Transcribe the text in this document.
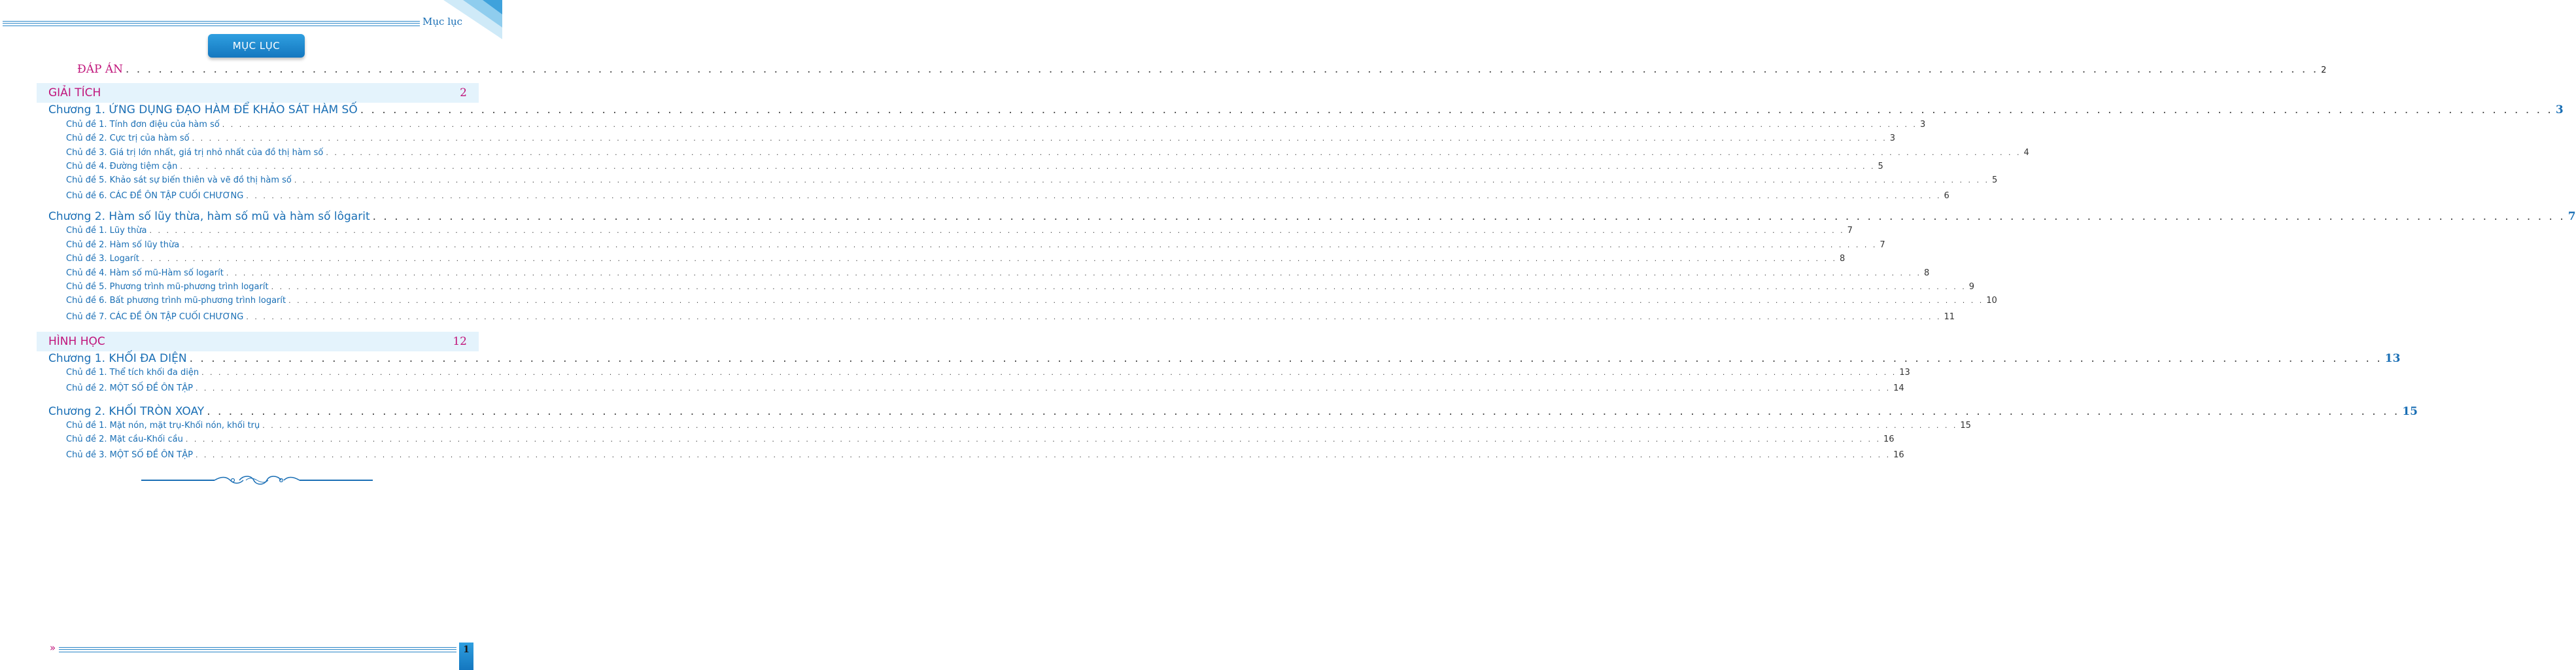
Mục lục
MỤC LỤC
ĐÁP ÁN . . . . . . . . . . . . . . . . . . . . . . . . . . . . . . . . . . . . . . . . . . . . . . . . . . . . . . . . . . . . . . . . . . . . . . . . . . . . . . . . . . . . . . . . . . . . . . . . . . . . . . . . . . . . . . . . . . . . . . . . . . . . . . . . . . . . . . . . . . . . . . . . . . . . . . . . . . . . . . . . . . . . . . . . . . . . . . . . . . . . . . . . . . . . . . . . . . . . . . . . 2
GIẢI TÍCH	2
Chương 1. ỨNG DỤNG ĐẠO HÀM ĐỂ KHẢO SÁT HÀM SỐ . . . . . . . . . . . . . . . . . . . . . . . . . . . . . . . . . . . . . . . . . . . . . . . . . . . . . . . . . . . . . . . . . . . . . . . . . . . . . . . . . . . . . . . . . . . . . . . . . . . . . . . . . . . . . . . . . . . . . . . . . . . . . . . . . . . . . . . . . . . . . . . . . . . . . . . . . . . . . . . . . . . . . . . . . . . . . . . . . . . . . . . . . . . . . . . . . . . . . . . . 3
Chủ đề 1. Tính đơn điệu của hàm số . . . . . . . . . . . . . . . . . . . . . . . . . . . . . . . . . . . . . . . . . . . . . . . . . . . . . . . . . . . . . . . . . . . . . . . . . . . . . . . . . . . . . . . . . . . . . . . . . . . . . . . . . . . . . . . . . . . . . . . . . . . . . . . . . . . . . . . . . . . . . . . . . . . . . . . . . . . . . . . . . . . . . . . . . . . . . . . . . . . . . . . . . . . . . . . . . . . . . . . . 3
Chủ đề 2. Cực trị của hàm số . . . . . . . . . . . . . . . . . . . . . . . . . . . . . . . . . . . . . . . . . . . . . . . . . . . . . . . . . . . . . . . . . . . . . . . . . . . . . . . . . . . . . . . . . . . . . . . . . . . . . . . . . . . . . . . . . . . . . . . . . . . . . . . . . . . . . . . . . . . . . . . . . . . . . . . . . . . . . . . . . . . . . . . . . . . . . . . . . . . . . . . . . . . . . . . . . . . . . . . . 3
Chủ đề 3. Giá trị lớn nhất, giá trị nhỏ nhất của đồ thị hàm số . . . . . . . . . . . . . . . . . . . . . . . . . . . . . . . . . . . . . . . . . . . . . . . . . . . . . . . . . . . . . . . . . . . . . . . . . . . . . . . . . . . . . . . . . . . . . . . . . . . . . . . . . . . . . . . . . . . . . . . . . . . . . . . . . . . . . . . . . . . . . . . . . . . . . . . . . . . . . . . . . . . . . . . . . . . . . . . . . . . . . . . . . . . . . . . . . . . . . . . . 4
Chủ đề 4. Đường tiệm cận . . . . . . . . . . . . . . . . . . . . . . . . . . . . . . . . . . . . . . . . . . . . . . . . . . . . . . . . . . . . . . . . . . . . . . . . . . . . . . . . . . . . . . . . . . . . . . . . . . . . . . . . . . . . . . . . . . . . . . . . . . . . . . . . . . . . . . . . . . . . . . . . . . . . . . . . . . . . . . . . . . . . . . . . . . . . . . . . . . . . . . . . . . . . . . . . . . . . . . . . 5
Chủ đề 5. Khảo sát sự biến thiên và vẽ đồ thị hàm số . . . . . . . . . . . . . . . . . . . . . . . . . . . . . . . . . . . . . . . . . . . . . . . . . . . . . . . . . . . . . . . . . . . . . . . . . . . . . . . . . . . . . . . . . . . . . . . . . . . . . . . . . . . . . . . . . . . . . . . . . . . . . . . . . . . . . . . . . . . . . . . . . . . . . . . . . . . . . . . . . . . . . . . . . . . . . . . . . . . . . . . . . . . . . . . . . . . . . . . . 5
Chủ đề 6. CÁC ĐỀ ÔN TẬP CUỐI CHƯƠNG . . . . . . . . . . . . . . . . . . . . . . . . . . . . . . . . . . . . . . . . . . . . . . . . . . . . . . . . . . . . . . . . . . . . . . . . . . . . . . . . . . . . . . . . . . . . . . . . . . . . . . . . . . . . . . . . . . . . . . . . . . . . . . . . . . . . . . . . . . . . . . . . . . . . . . . . . . . . . . . . . . . . . . . . . . . . . . . . . . . . . . . . . . . . . . . . . . . . . . . . 6
Chương 2. Hàm số lũy thừa, hàm số mũ và hàm số lôgarit . . . . . . . . . . . . . . . . . . . . . . . . . . . . . . . . . . . . . . . . . . . . . . . . . . . . . . . . . . . . . . . . . . . . . . . . . . . . . . . . . . . . . . . . . . . . . . . . . . . . . . . . . . . . . . . . . . . . . . . . . . . . . . . . . . . . . . . . . . . . . . . . . . . . . . . . . . . . . . . . . . . . . . . . . . . . . . . . . . . . . . . . . . . . . . . . . . . . . . . . 7
Chủ đề 1. Lũy thừa . . . . . . . . . . . . . . . . . . . . . . . . . . . . . . . . . . . . . . . . . . . . . . . . . . . . . . . . . . . . . . . . . . . . . . . . . . . . . . . . . . . . . . . . . . . . . . . . . . . . . . . . . . . . . . . . . . . . . . . . . . . . . . . . . . . . . . . . . . . . . . . . . . . . . . . . . . . . . . . . . . . . . . . . . . . . . . . . . . . . . . . . . . . . . . . . . . . . . . . . 7
Chủ đề 2. Hàm số lũy thừa . . . . . . . . . . . . . . . . . . . . . . . . . . . . . . . . . . . . . . . . . . . . . . . . . . . . . . . . . . . . . . . . . . . . . . . . . . . . . . . . . . . . . . . . . . . . . . . . . . . . . . . . . . . . . . . . . . . . . . . . . . . . . . . . . . . . . . . . . . . . . . . . . . . . . . . . . . . . . . . . . . . . . . . . . . . . . . . . . . . . . . . . . . . . . . . . . . . . . . . . 7
Chủ đề 3. Logarít . . . . . . . . . . . . . . . . . . . . . . . . . . . . . . . . . . . . . . . . . . . . . . . . . . . . . . . . . . . . . . . . . . . . . . . . . . . . . . . . . . . . . . . . . . . . . . . . . . . . . . . . . . . . . . . . . . . . . . . . . . . . . . . . . . . . . . . . . . . . . . . . . . . . . . . . . . . . . . . . . . . . . . . . . . . . . . . . . . . . . . . . . . . . . . . . . . . . . . . . 8
Chủ đề 4. Hàm số mũ-Hàm số logarít . . . . . . . . . . . . . . . . . . . . . . . . . . . . . . . . . . . . . . . . . . . . . . . . . . . . . . . . . . . . . . . . . . . . . . . . . . . . . . . . . . . . . . . . . . . . . . . . . . . . . . . . . . . . . . . . . . . . . . . . . . . . . . . . . . . . . . . . . . . . . . . . . . . . . . . . . . . . . . . . . . . . . . . . . . . . . . . . . . . . . . . . . . . . . . . . . . . . . . . . 8
Chủ đề 5. Phương trình mũ-phương trình logarít . . . . . . . . . . . . . . . . . . . . . . . . . . . . . . . . . . . . . . . . . . . . . . . . . . . . . . . . . . . . . . . . . . . . . . . . . . . . . . . . . . . . . . . . . . . . . . . . . . . . . . . . . . . . . . . . . . . . . . . . . . . . . . . . . . . . . . . . . . . . . . . . . . . . . . . . . . . . . . . . . . . . . . . . . . . . . . . . . . . . . . . . . . . . . . . . . . . . . . . . 9
Chủ đề 6. Bất phương trình mũ-phương trình logarít . . . . . . . . . . . . . . . . . . . . . . . . . . . . . . . . . . . . . . . . . . . . . . . . . . . . . . . . . . . . . . . . . . . . . . . . . . . . . . . . . . . . . . . . . . . . . . . . . . . . . . . . . . . . . . . . . . . . . . . . . . . . . . . . . . . . . . . . . . . . . . . . . . . . . . . . . . . . . . . . . . . . . . . . . . . . . . . . . . . . . . . . . . . . . . . . . . . . . . . . 10
Chủ đề 7. CÁC ĐỀ ÔN TẬP CUỐI CHƯƠNG . . . . . . . . . . . . . . . . . . . . . . . . . . . . . . . . . . . . . . . . . . . . . . . . . . . . . . . . . . . . . . . . . . . . . . . . . . . . . . . . . . . . . . . . . . . . . . . . . . . . . . . . . . . . . . . . . . . . . . . . . . . . . . . . . . . . . . . . . . . . . . . . . . . . . . . . . . . . . . . . . . . . . . . . . . . . . . . . . . . . . . . . . . . . . . . . . . . . . . . . 11
HÌNH HỌC	12
Chương 1. KHỐI ĐA DIỆN . . . . . . . . . . . . . . . . . . . . . . . . . . . . . . . . . . . . . . . . . . . . . . . . . . . . . . . . . . . . . . . . . . . . . . . . . . . . . . . . . . . . . . . . . . . . . . . . . . . . . . . . . . . . . . . . . . . . . . . . . . . . . . . . . . . . . . . . . . . . . . . . . . . . . . . . . . . . . . . . . . . . . . . . . . . . . . . . . . . . . . . . . . . . . . . . . . . . . . . . 13
Chủ đề 1. Thể tích khối đa diện . . . . . . . . . . . . . . . . . . . . . . . . . . . . . . . . . . . . . . . . . . . . . . . . . . . . . . . . . . . . . . . . . . . . . . . . . . . . . . . . . . . . . . . . . . . . . . . . . . . . . . . . . . . . . . . . . . . . . . . . . . . . . . . . . . . . . . . . . . . . . . . . . . . . . . . . . . . . . . . . . . . . . . . . . . . . . . . . . . . . . . . . . . . . . . . . . . . . . . . . 13
Chủ đề 2. MỘT SỐ ĐỀ ÔN TẬP . . . . . . . . . . . . . . . . . . . . . . . . . . . . . . . . . . . . . . . . . . . . . . . . . . . . . . . . . . . . . . . . . . . . . . . . . . . . . . . . . . . . . . . . . . . . . . . . . . . . . . . . . . . . . . . . . . . . . . . . . . . . . . . . . . . . . . . . . . . . . . . . . . . . . . . . . . . . . . . . . . . . . . . . . . . . . . . . . . . . . . . . . . . . . . . . . . . . . . . . 14
Chương 2. KHỐI TRÒN XOAY . . . . . . . . . . . . . . . . . . . . . . . . . . . . . . . . . . . . . . . . . . . . . . . . . . . . . . . . . . . . . . . . . . . . . . . . . . . . . . . . . . . . . . . . . . . . . . . . . . . . . . . . . . . . . . . . . . . . . . . . . . . . . . . . . . . . . . . . . . . . . . . . . . . . . . . . . . . . . . . . . . . . . . . . . . . . . . . . . . . . . . . . . . . . . . . . . . . . . . . . 15
Chủ đề 1. Mặt nón, mặt trụ-Khối nón, khối trụ . . . . . . . . . . . . . . . . . . . . . . . . . . . . . . . . . . . . . . . . . . . . . . . . . . . . . . . . . . . . . . . . . . . . . . . . . . . . . . . . . . . . . . . . . . . . . . . . . . . . . . . . . . . . . . . . . . . . . . . . . . . . . . . . . . . . . . . . . . . . . . . . . . . . . . . . . . . . . . . . . . . . . . . . . . . . . . . . . . . . . . . . . . . . . . . . . . . . . . . . 15
Chủ đề 2. Mặt cầu-Khối cầu . . . . . . . . . . . . . . . . . . . . . . . . . . . . . . . . . . . . . . . . . . . . . . . . . . . . . . . . . . . . . . . . . . . . . . . . . . . . . . . . . . . . . . . . . . . . . . . . . . . . . . . . . . . . . . . . . . . . . . . . . . . . . . . . . . . . . . . . . . . . . . . . . . . . . . . . . . . . . . . . . . . . . . . . . . . . . . . . . . . . . . . . . . . . . . . . . . . . . . . . 16
Chủ đề 3. MỘT SỐ ĐỀ ÔN TẬP . . . . . . . . . . . . . . . . . . . . . . . . . . . . . . . . . . . . . . . . . . . . . . . . . . . . . . . . . . . . . . . . . . . . . . . . . . . . . . . . . . . . . . . . . . . . . . . . . . . . . . . . . . . . . . . . . . . . . . . . . . . . . . . . . . . . . . . . . . . . . . . . . . . . . . . . . . . . . . . . . . . . . . . . . . . . . . . . . . . . . . . . . . . . . . . . . . . . . . . . 16
»	1
